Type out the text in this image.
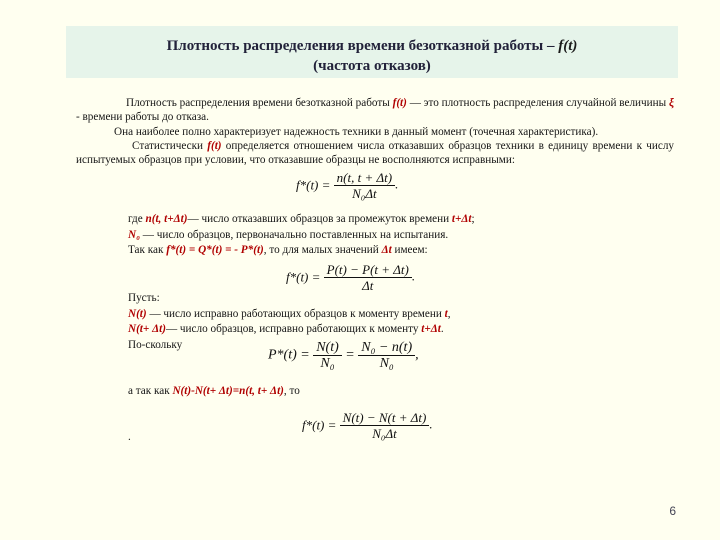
Плотность распределения времени безотказной работы – f(t)
(частота отказов)
Плотность распределения времени безотказной работы f(t) — это плотность распределения случайной величины ξ - времени работы до отказа.
Она наиболее полно характеризует надежность техники в данный момент (точечная характеристика).
Статистически f(t) определяется отношением числа отказавших образцов техники в единицу времени к числу испытуемых образцов при условии, что отказавшие образцы не восполняются исправными:
$f*(t) = \frac{n(t, t + \Delta t)}{\text{N₀Δt}}$ .
где n(t, t+Δt)— число отказавших образцов за промежуток времени t+Δt;
N₀ — число образцов, первоначально поставленных на испытания.
Так как f*(t) = Q*(t) = - P*(t), то для малых значений Δt имеем:
$f*(t) = \frac{P(t) - P(t + \Delta t)}{\Delta t}$ .
Пусть:
N(t) — число исправно работающих образцов к моменту времени t,
N(t+ Δt)— число образцов, исправно работающих к моменту t+Δt.
По-скольку
$P*(t) = \frac{N(t)}{\text{N₀}} = \frac{\text{N₀ − n(t)}}{\text{N₀}}$ ,
а так как N(t)-N(t+ Δt)=n(t, t+ Δt), то
.
$f*(t) = \frac{N(t) - N(t + \Delta t)}{\text{N₀Δt}}$ .
6
